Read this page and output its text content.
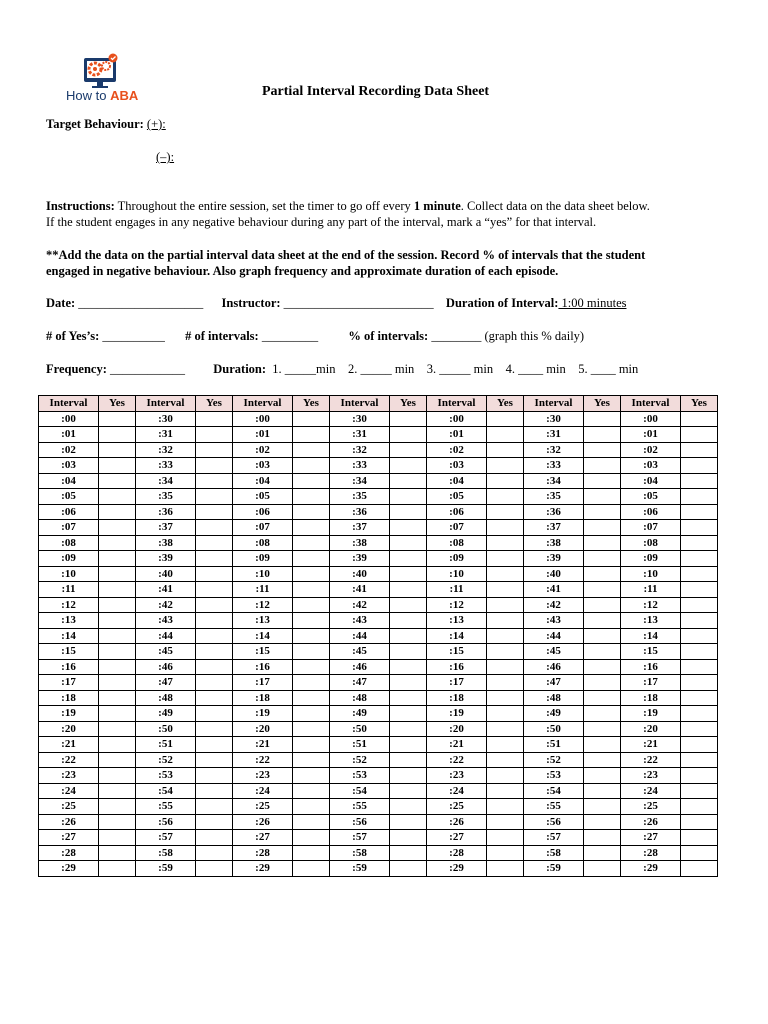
How to ABA	Partial Interval Recording Data Sheet
Target Behaviour: (+):
(–):
Instructions: Throughout the entire session, set the timer to go off every 1 minute. Collect data on the data sheet below.
If the student engages in any negative behaviour during any part of the interval, mark a “yes” for that interval.
**Add the data on the partial interval data sheet at the end of the session. Record % of intervals that the student
engaged in negative behaviour. Also graph frequency and approximate duration of each episode.
Date: ____________________ Instructor: ________________________ Duration of Interval: 1:00 minutes
# of Yes’s: __________ # of intervals: _________ % of intervals: ________ (graph this % daily)
Frequency: ____________ Duration:  1. _____min    2. _____ min    3. _____ min    4. ____ min    5. ____ min
Interval	Yes	Interval	Yes	Interval	Yes	Interval	Yes	Interval	Yes	Interval	Yes	Interval	Yes
:00		:30		:00		:30		:00		:30		:00	
:01		:31		:01		:31		:01		:31		:01	
:02		:32		:02		:32		:02		:32		:02	
:03		:33		:03		:33		:03		:33		:03	
:04		:34		:04		:34		:04		:34		:04	
:05		:35		:05		:35		:05		:35		:05	
:06		:36		:06		:36		:06		:36		:06	
:07		:37		:07		:37		:07		:37		:07	
:08		:38		:08		:38		:08		:38		:08	
:09		:39		:09		:39		:09		:39		:09	
:10		:40		:10		:40		:10		:40		:10	
:11		:41		:11		:41		:11		:41		:11	
:12		:42		:12		:42		:12		:42		:12	
:13		:43		:13		:43		:13		:43		:13	
:14		:44		:14		:44		:14		:44		:14	
:15		:45		:15		:45		:15		:45		:15	
:16		:46		:16		:46		:16		:46		:16	
:17		:47		:17		:47		:17		:47		:17	
:18		:48		:18		:48		:18		:48		:18	
:19		:49		:19		:49		:19		:49		:19	
:20		:50		:20		:50		:20		:50		:20	
:21		:51		:21		:51		:21		:51		:21	
:22		:52		:22		:52		:22		:52		:22	
:23		:53		:23		:53		:23		:53		:23	
:24		:54		:24		:54		:24		:54		:24	
:25		:55		:25		:55		:25		:55		:25	
:26		:56		:26		:56		:26		:56		:26	
:27		:57		:27		:57		:27		:57		:27	
:28		:58		:28		:58		:28		:58		:28	
:29		:59		:29		:59		:29		:59		:29	
